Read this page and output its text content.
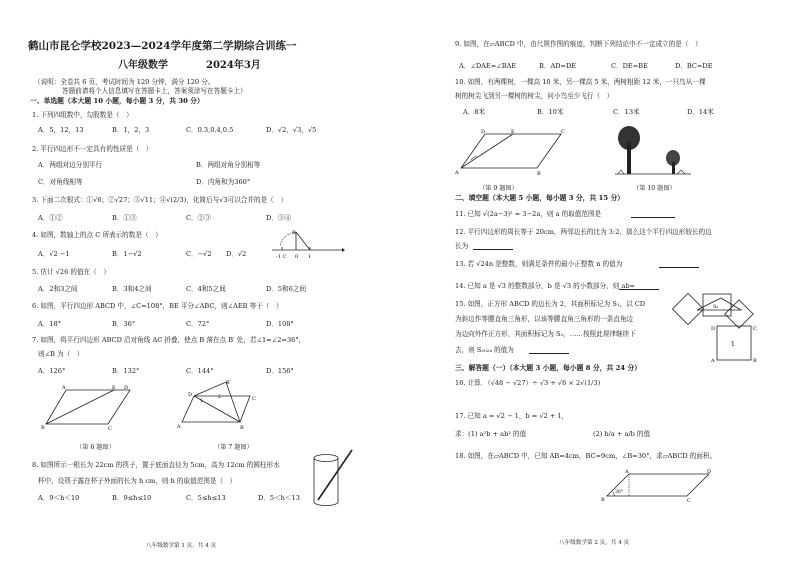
鹤山市昆仑学校2023—2024学年度第二学期综合训练一
八年级数学	2024年3月
（说明：全卷共 6 页，考试时间为 120 分钟，满分 120 分。
答题前请将个人信息填写在答题卡上，答案须涂写在答题卡上）
一、单选题（本大题 10 小题，每小题 3 分，共 30 分）
1. 下列四组数中，勾股数是（　）
A．5，12，13	B．1，2，3	C．0.3,0.4,0.5	D．√2，√3，√5
2. 平行四边形不一定具有的性质是（　）
A．两组对边分别平行	B．两组对角分别相等
C．对角线相等	D．内角和为360°
3. 下面二次根式：①√6；②√27；③√11；④√(2/3)，化简后与√3可以合并的是（　）
A．①②	B．①③	C．②③	D．③④
4. 如图，数轴上的点 C 所表示的数是（　）
A．√2 −1	B．1−√2	C．−√2 D．√2
B
-1 C 0 1
5. 估计 √26 的值在（　）
A．2和3之间	B．3和4之间	C．4和5之间	D．5和6之间
6. 如图，平行四边形 ABCD 中，∠C=108°，BE 平分∠ABC，则∠AEB 等于（　）
A．18°	B．36°	C．72°	D．108°
7. 如图，将平行四边形 ABCD 沿对角线 AC 折叠，使点 B 落在点 B′ 处，若∠1=∠2=36°，
则∠B 为（　）
A．126°	B．132°	C．144°	D．156°
A	E D
B	C
（第 6 题图）
D
B′
C
A	B
1
2
（第 7 题图）
8. 如图所示一根长为 22cm 的筷子，置于底面直径为 5cm，高为 12cm 的圆柱形水
杯中，设筷子露在杯子外面的长为 h cm，则 h 的取值范围是（　）
A．9＜h＜10	B．9≤h≤10	C．5≤h≤13	D．5＜h＜13
八年级数学第 1 页，共 4 页
9. 如图，在▱ABCD 中，由尺规作图的痕迹，判断下列结论中不一定成立的是（　）
A．∠DAE=∠BAE	B．AD=DE	C．DE=BE	D．BC=DE
10. 如图，有两棵树，一棵高 10 米，另一棵高 5 米，两树相距 12 米，一只鸟从一棵
树的树尖飞到另一棵树的树尖，问小鸟至少飞行（　）
A．8米	B．10米	C．13米	D．14米
D	E	C
A	B
（第 9 题图）	（第 10 题图）
二、填空题（本大题 5 小题，每小题 3 分，共 15 分）
11. 已知 √(2a−3)² = 3−2a，则 a 的取值范围是
12. 平行四边形的周长等于 20cm，两邻边长的比为 3:2，那么这个平行四边形较长的边
长为
13. 若 √24n 是整数，则满足条件的最小正整数 n 的值为
14. 已知 a 是 √3 的整数部分，b 是 √3 的小数部分，则 ab=
15. 如图，正方形 ABCD 的边长为 2，其面积标记为 S₁，以 CD
为斜边作等腰直角三角形，以该等腰直角三角形的一条直角边
为边向外作正方形，其面积标记为 S₂，……按照此规律继续下
去，则 S₂₀₂₄ 的值为
S₂
1
D	C
A	B
三、解答题（一）（本大题 3 小题，每小题 8 分，共 24 分）
16. 计算．（√48 − √27）÷ √3 + √6 × 2√(1/3)
17. 已知 a = √2 − 1，b = √2 + 1，
求：(1) a²b + ab² 的值	(2) b/a + a/b 的值
18. 如图，在▱ABCD 中，已知 AB=4cm，BC=9cm，∠B=30°，求▱ABCD 的面积。
30°
A	D
B	C
八年级数学第 2 页，共 4 页
